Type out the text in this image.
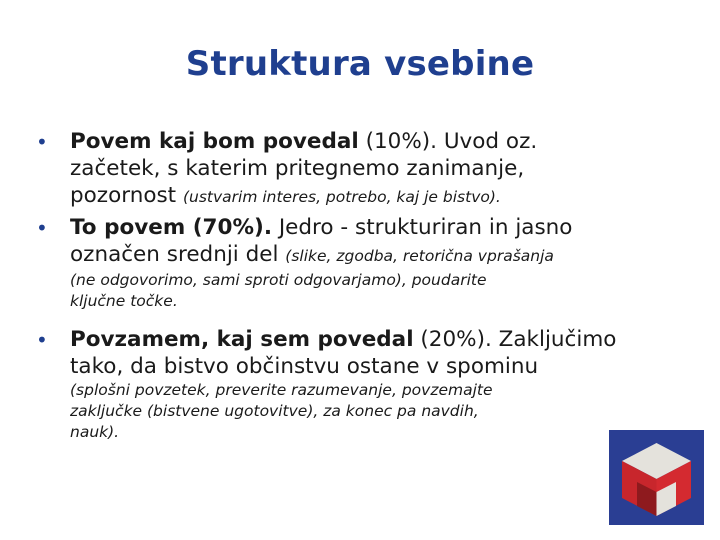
Struktura vsebine
• Povem kaj bom povedal (10%). Uvod oz.
začetek, s katerim pritegnemo zanimanje,
pozornost (ustvarim interes, potrebo, kaj je bistvo).
• To povem (70%). Jedro - strukturiran in jasno
označen srednji del (slike, zgodba, retorična vprašanja
(ne odgovorimo, sami sproti odgovarjamo), poudarite
ključne točke.
• Povzamem, kaj sem povedal (20%). Zaključimo
tako, da bistvo občinstvu ostane v spominu
(splošni povzetek, preverite razumevanje, povzemajte
zaključke (bistvene ugotovitve), za konec pa navdih,
nauk).
